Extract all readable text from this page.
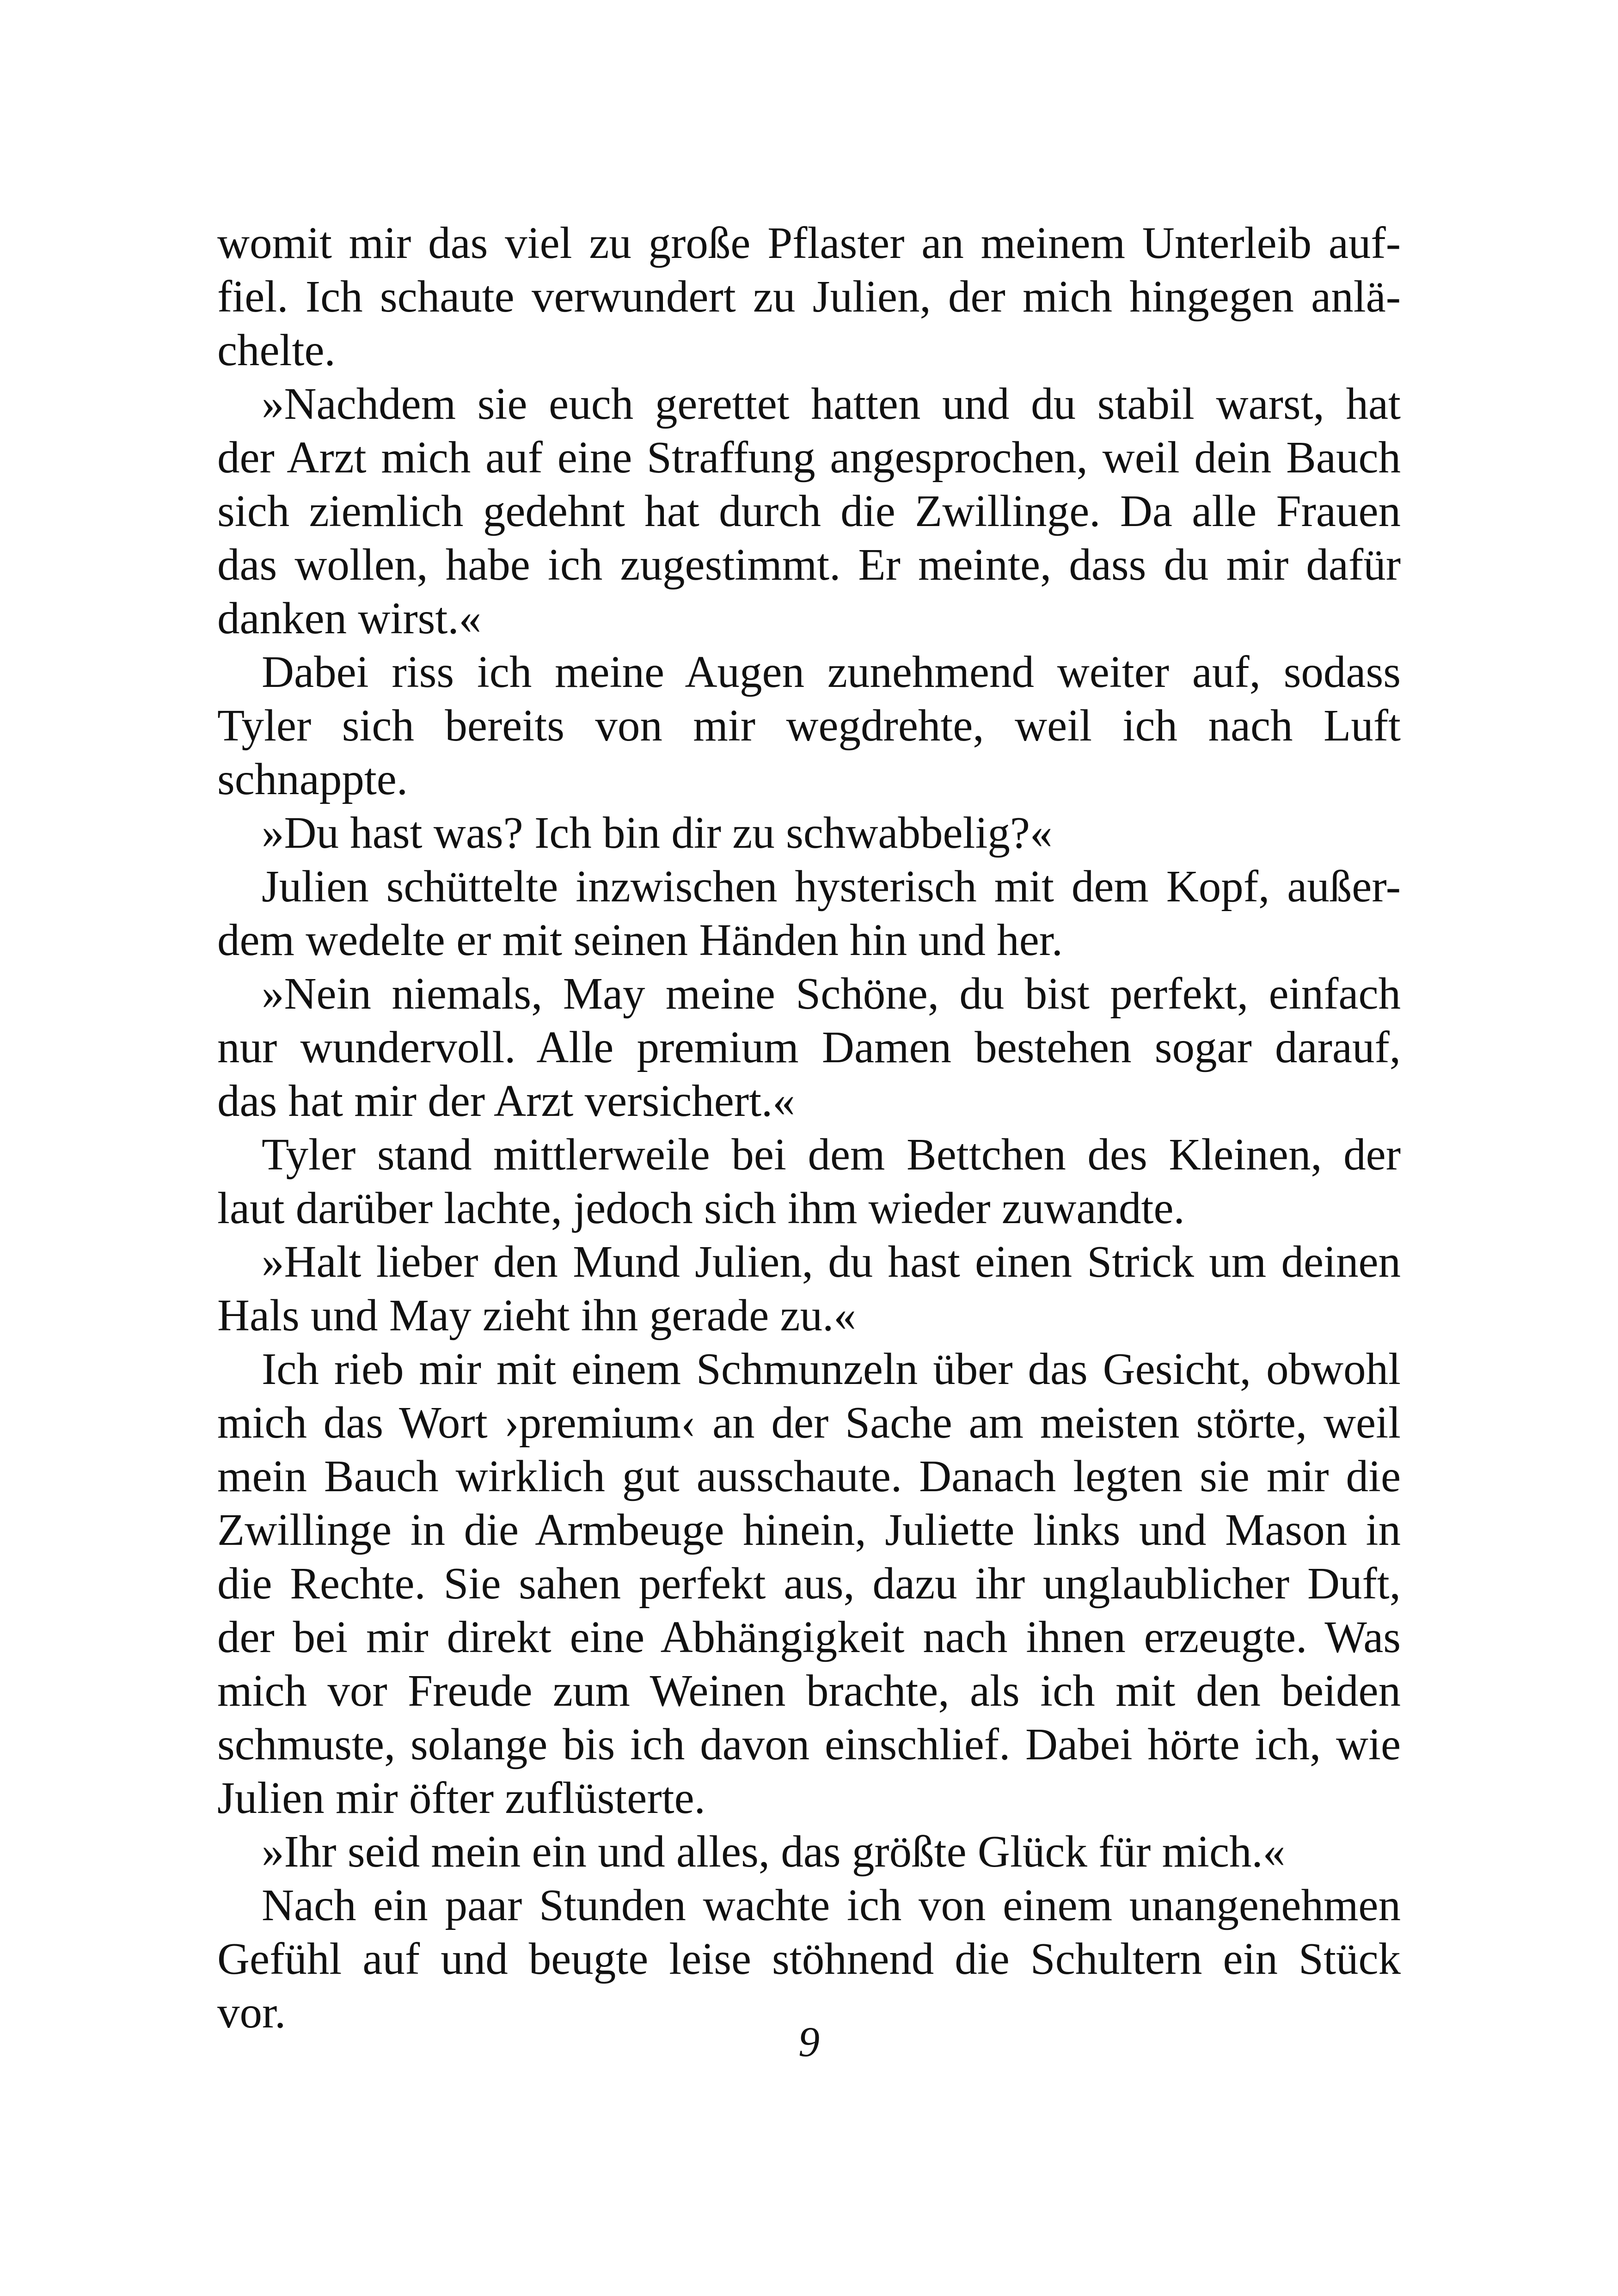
womit mir das viel zu große Pflaster an meinem Unterleib auf-
fiel. Ich schaute verwundert zu Julien, der mich hingegen anlä-
chelte.
»Nachdem sie euch gerettet hatten und du stabil warst, hat
der Arzt mich auf eine Straffung angesprochen, weil dein Bauch
sich ziemlich gedehnt hat durch die Zwillinge. Da alle Frauen
das wollen, habe ich zugestimmt. Er meinte, dass du mir dafür
danken wirst.«
Dabei riss ich meine Augen zunehmend weiter auf, sodass
Tyler sich bereits von mir wegdrehte, weil ich nach Luft
schnappte.
»Du hast was? Ich bin dir zu schwabbelig?«
Julien schüttelte inzwischen hysterisch mit dem Kopf, außer-
dem wedelte er mit seinen Händen hin und her.
»Nein niemals, May meine Schöne, du bist perfekt, einfach
nur wundervoll. Alle premium Damen bestehen sogar darauf,
das hat mir der Arzt versichert.«
Tyler stand mittlerweile bei dem Bettchen des Kleinen, der
laut darüber lachte, jedoch sich ihm wieder zuwandte.
»Halt lieber den Mund Julien, du hast einen Strick um deinen
Hals und May zieht ihn gerade zu.«
Ich rieb mir mit einem Schmunzeln über das Gesicht, obwohl
mich das Wort ›premium‹ an der Sache am meisten störte, weil
mein Bauch wirklich gut ausschaute. Danach legten sie mir die
Zwillinge in die Armbeuge hinein, Juliette links und Mason in
die Rechte. Sie sahen perfekt aus, dazu ihr unglaublicher Duft,
der bei mir direkt eine Abhängigkeit nach ihnen erzeugte. Was
mich vor Freude zum Weinen brachte, als ich mit den beiden
schmuste, solange bis ich davon einschlief. Dabei hörte ich, wie
Julien mir öfter zuflüsterte.
»Ihr seid mein ein und alles, das größte Glück für mich.«
Nach ein paar Stunden wachte ich von einem unangenehmen
Gefühl auf und beugte leise stöhnend die Schultern ein Stück
vor.
9
